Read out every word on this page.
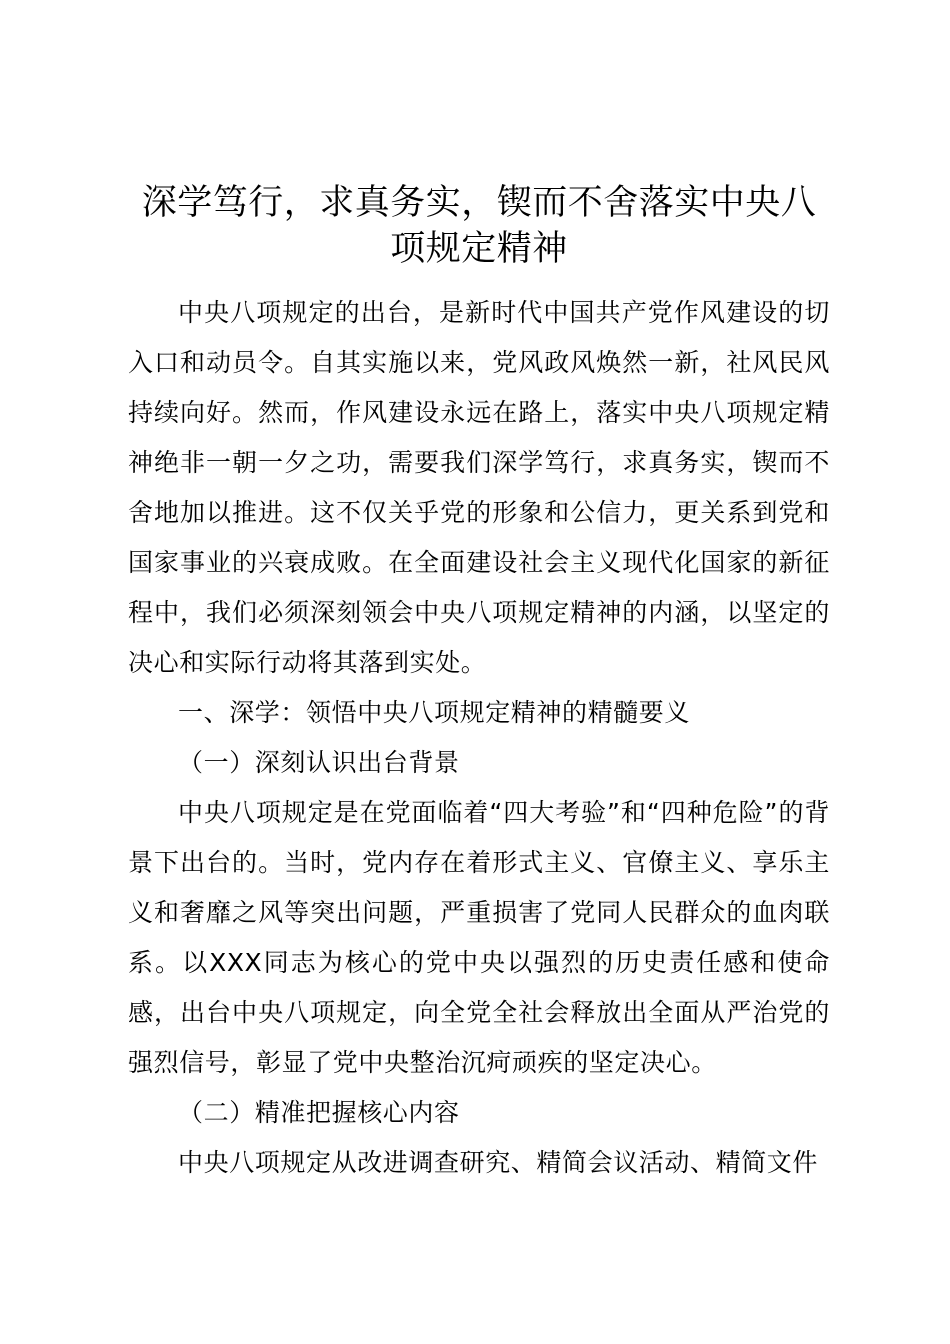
深学笃行，求真务实，锲而不舍落实中央八项规定精神

中央八项规定的出台，是新时代中国共产党作风建设的切入口和动员令。自其实施以来，党风政风焕然一新，社风民风持续向好。然而，作风建设永远在路上，落实中央八项规定精神绝非一朝一夕之功，需要我们深学笃行，求真务实，锲而不舍地加以推进。这不仅关乎党的形象和公信力，更关系到党和国家事业的兴衰成败。在全面建设社会主义现代化国家的新征程中，我们必须深刻领会中央八项规定精神的内涵，以坚定的决心和实际行动将其落到实处。

一、深学：领悟中央八项规定精神的精髓要义

（一）深刻认识出台背景

中央八项规定是在党面临着“四大考验”和“四种危险”的背景下出台的。当时，党内存在着形式主义、官僚主义、享乐主义和奢靡之风等突出问题，严重损害了党同人民群众的血肉联系。以XXX同志为核心的党中央以强烈的历史责任感和使命感，出台中央八项规定，向全党全社会释放出全面从严治党的强烈信号，彰显了党中央整治沉疴顽疾的坚定决心。

（二）精准把握核心内容

中央八项规定从改进调查研究、精简会议活动、精简文件
